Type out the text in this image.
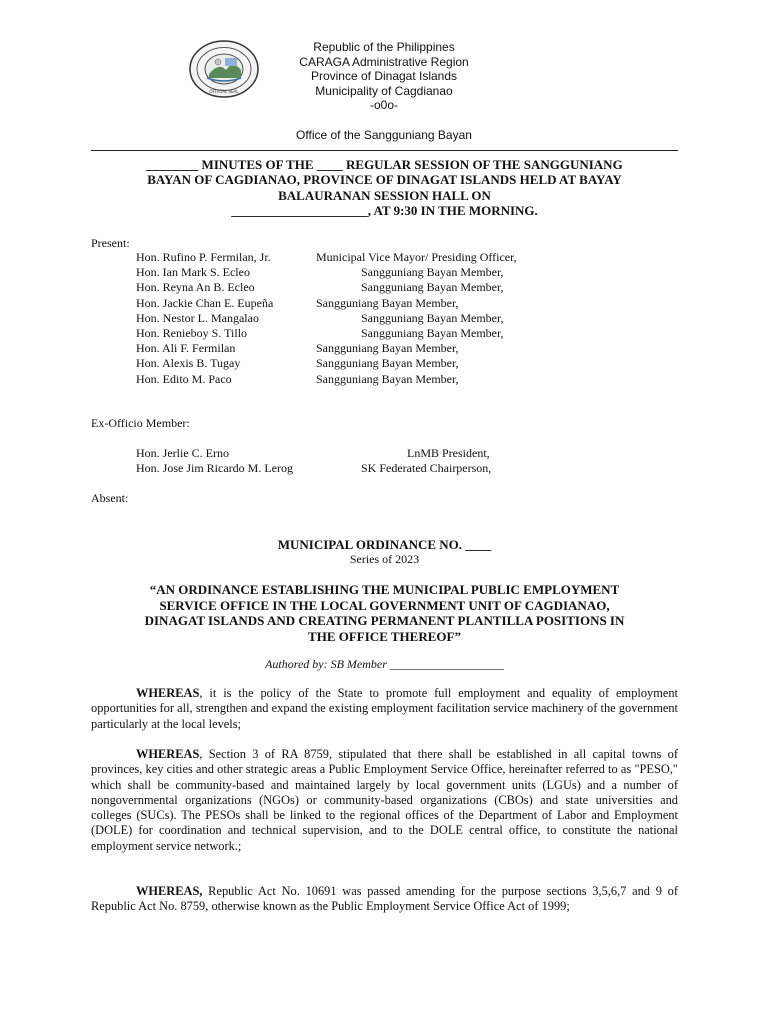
OFFICIAL SEAL
Republic of the Philippines
CARAGA Administrative Region
Province of Dinagat Islands
Municipality of Cagdianao
-o0o-
Office of the Sangguniang Bayan
________ MINUTES OF THE ____ REGULAR SESSION OF THE SANGGUNIANG
BAYAN OF CAGDIANAO, PROVINCE OF DINAGAT ISLANDS HELD AT BAYAY
BALAURANAN SESSION HALL ON
_____________________, AT 9:30 IN THE MORNING.
Present:
Hon. Rufino P. Fermilan, Jr.	Municipal Vice Mayor/ Presiding Officer,
Hon. Ian Mark S. Ecleo	Sangguniang Bayan Member,
Hon. Reyna An B. Ecleo	Sangguniang Bayan Member,
Hon. Jackie Chan E. Eupeña	Sangguniang Bayan Member,
Hon. Nestor L. Mangalao	Sangguniang Bayan Member,
Hon. Renieboy S. Tillo	Sangguniang Bayan Member,
Hon. Ali F. Fermilan	Sangguniang Bayan Member,
Hon. Alexis B. Tugay	Sangguniang Bayan Member,
Hon. Edito M. Paco	Sangguniang Bayan Member,
Ex-Officio Member:
Hon. Jerlie C. Erno	LnMB President,
Hon. Jose Jim Ricardo M. Lerog	SK Federated Chairperson,
Absent:
MUNICIPAL ORDINANCE NO. ____
Series of 2023
“AN ORDINANCE ESTABLISHING THE MUNICIPAL PUBLIC EMPLOYMENT
SERVICE OFFICE IN THE LOCAL GOVERNMENT UNIT OF CAGDIANAO,
DINAGAT ISLANDS AND CREATING PERMANENT PLANTILLA POSITIONS IN
THE OFFICE THEREOF”
Authored by: SB Member ___________________
WHEREAS, it is the policy of the State to promote full employment and equality of employment opportunities for all, strengthen and expand the existing employment facilitation service machinery of the government particularly at the local levels;
WHEREAS, Section 3 of RA 8759, stipulated that there shall be established in all capital towns of provinces, key cities and other strategic areas a Public Employment Service Office, hereinafter referred to as "PESO," which shall be community-based and maintained largely by local government units (LGUs) and a number of nongovernmental organizations (NGOs) or community-based organizations (CBOs) and state universities and colleges (SUCs). The PESOs shall be linked to the regional offices of the Department of Labor and Employment (DOLE) for coordination and technical supervision, and to the DOLE central office, to constitute the national employment service network.;
WHEREAS, Republic Act No. 10691 was passed amending for the purpose sections 3,5,6,7 and 9 of Republic Act No. 8759, otherwise known as the Public Employment Service Office Act of 1999;
